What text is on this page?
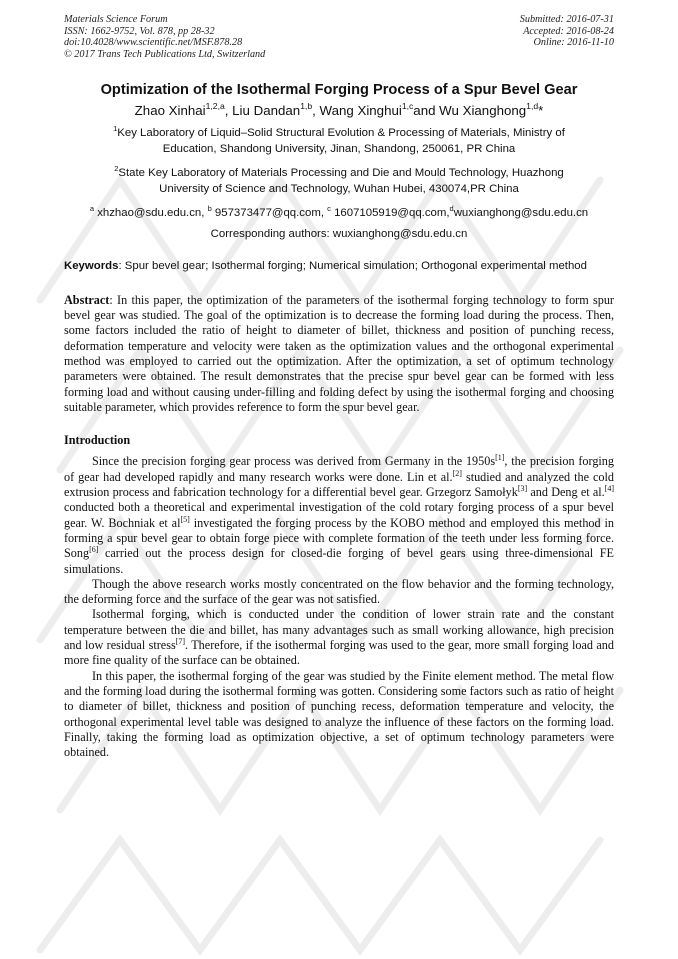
Materials Science Forum
ISSN: 1662-9752, Vol. 878, pp 28-32
doi:10.4028/www.scientific.net/MSF.878.28
© 2017 Trans Tech Publications Ltd, Switzerland
Submitted: 2016-07-31
Accepted: 2016-08-24
Online: 2016-11-10
Optimization of the Isothermal Forging Process of a Spur Bevel Gear
Zhao Xinhai$^{1,2,a}$, Liu Dandan$^{1,b}$, Wang Xinghui$^{1,c}$and Wu Xianghong$^{1,d}$*
$^1$Key Laboratory of Liquid–Solid Structural Evolution & Processing of Materials, Ministry of
Education, Shandong University, Jinan, Shandong, 250061, PR China
$^2$State Key Laboratory of Materials Processing and Die and Mould Technology, Huazhong
University of Science and Technology, Wuhan Hubei, 430074,PR China
$^a$ xhzhao@sdu.edu.cn, $^b$ 957373477@qq.com, $^c$ 1607105919@qq.com,$^d$wuxianghong@sdu.edu.cn
Corresponding authors: wuxianghong@sdu.edu.cn
Keywords: Spur bevel gear; Isothermal forging; Numerical simulation; Orthogonal experimental method
Abstract: In this paper, the optimization of the parameters of the isothermal forging technology to form spur bevel gear was studied. The goal of the optimization is to decrease the forming load during the process. Then, some factors included the ratio of height to diameter of billet, thickness and position of punching recess, deformation temperature and velocity were taken as the optimization values and the orthogonal experimental method was employed to carried out the optimization. After the optimization, a set of optimum technology parameters were obtained. The result demonstrates that the precise spur bevel gear can be formed with less forming load and without causing under-filling and folding defect by using the isothermal forging and choosing suitable parameter, which provides reference to form the spur bevel gear.
Introduction

Since the precision forging gear process was derived from Germany in the 1950s[1], the precision forging of gear had developed rapidly and many research works were done. Lin et al.[2] studied and analyzed the cold extrusion process and fabrication technology for a differential bevel gear. Grzegorz Samołyk[3] and Deng et al.[4] conducted both a theoretical and experimental investigation of the cold rotary forging process of a spur bevel gear. W. Bochniak et al[5] investigated the forging process by the KOBO method and employed this method in forming a spur bevel gear to obtain forge piece with complete formation of the teeth under less forming force. Song[6] carried out the process design for closed-die forging of bevel gears using three-dimensional FE simulations.

Though the above research works mostly concentrated on the flow behavior and the forming technology, the deforming force and the surface of the gear was not satisfied.

Isothermal forging, which is conducted under the condition of lower strain rate and the constant temperature between the die and billet, has many advantages such as small working allowance, high precision and low residual stress[7]. Therefore, if the isothermal forging was used to the gear, more small forging load and more fine quality of the surface can be obtained.

In this paper, the isothermal forging of the gear was studied by the Finite element method. The metal flow and the forming load during the isothermal forming was gotten. Considering some factors such as ratio of height to diameter of billet, thickness and position of punching recess, deformation temperature and velocity, the orthogonal experimental level table was designed to analyze the influence of these factors on the forming load. Finally, taking the forming load as optimization objective, a set of optimum technology parameters were obtained.
